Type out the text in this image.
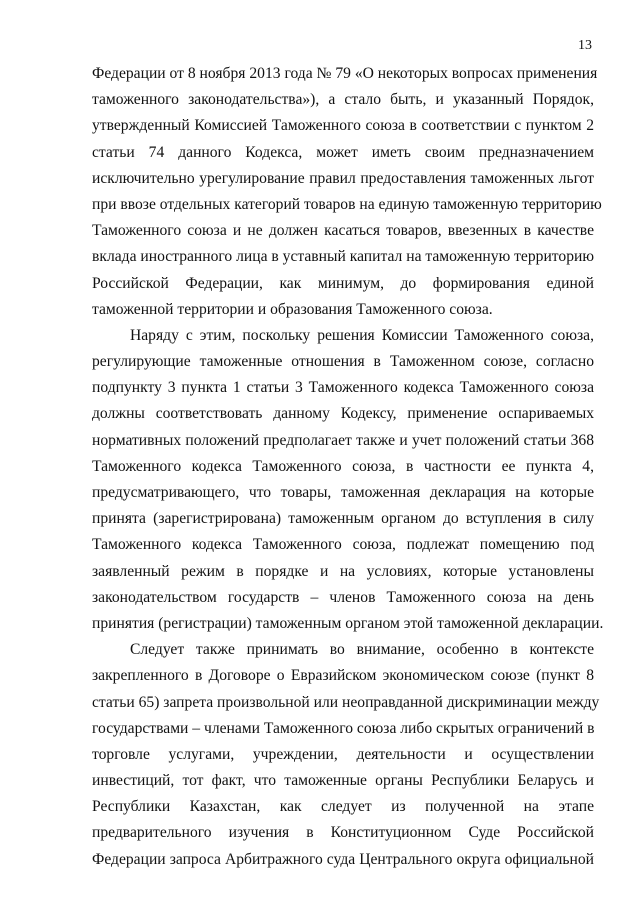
13
Федерации от 8 ноября 2013 года № 79 «О некоторых вопросах применения
таможенного законодательства»), а стало быть, и указанный Порядок,
утвержденный Комиссией Таможенного союза в соответствии с пунктом 2
статьи 74 данного Кодекса, может иметь своим предназначением
исключительно урегулирование правил предоставления таможенных льгот
при ввозе отдельных категорий товаров на единую таможенную территорию
Таможенного союза и не должен касаться товаров, ввезенных в качестве
вклада иностранного лица в уставный капитал на таможенную территорию
Российской Федерации, как минимум, до формирования единой
таможенной территории и образования Таможенного союза.
Наряду с этим, поскольку решения Комиссии Таможенного союза,
регулирующие таможенные отношения в Таможенном союзе, согласно
подпункту 3 пункта 1 статьи 3 Таможенного кодекса Таможенного союза
должны соответствовать данному Кодексу, применение оспариваемых
нормативных положений предполагает также и учет положений статьи 368
Таможенного кодекса Таможенного союза, в частности ее пункта 4,
предусматривающего, что товары, таможенная декларация на которые
принята (зарегистрирована) таможенным органом до вступления в силу
Таможенного кодекса Таможенного союза, подлежат помещению под
заявленный режим в порядке и на условиях, которые установлены
законодательством государств – членов Таможенного союза на день
принятия (регистрации) таможенным органом этой таможенной декларации.
Следует также принимать во внимание, особенно в контексте
закрепленного в Договоре о Евразийском экономическом союзе (пункт 8
статьи 65) запрета произвольной или неоправданной дискриминации между
государствами – членами Таможенного союза либо скрытых ограничений в
торговле услугами, учреждении, деятельности и осуществлении
инвестиций, тот факт, что таможенные органы Республики Беларусь и
Республики Казахстан, как следует из полученной на этапе
предварительного изучения в Конституционном Суде Российской
Федерации запроса Арбитражного суда Центрального округа официальной
